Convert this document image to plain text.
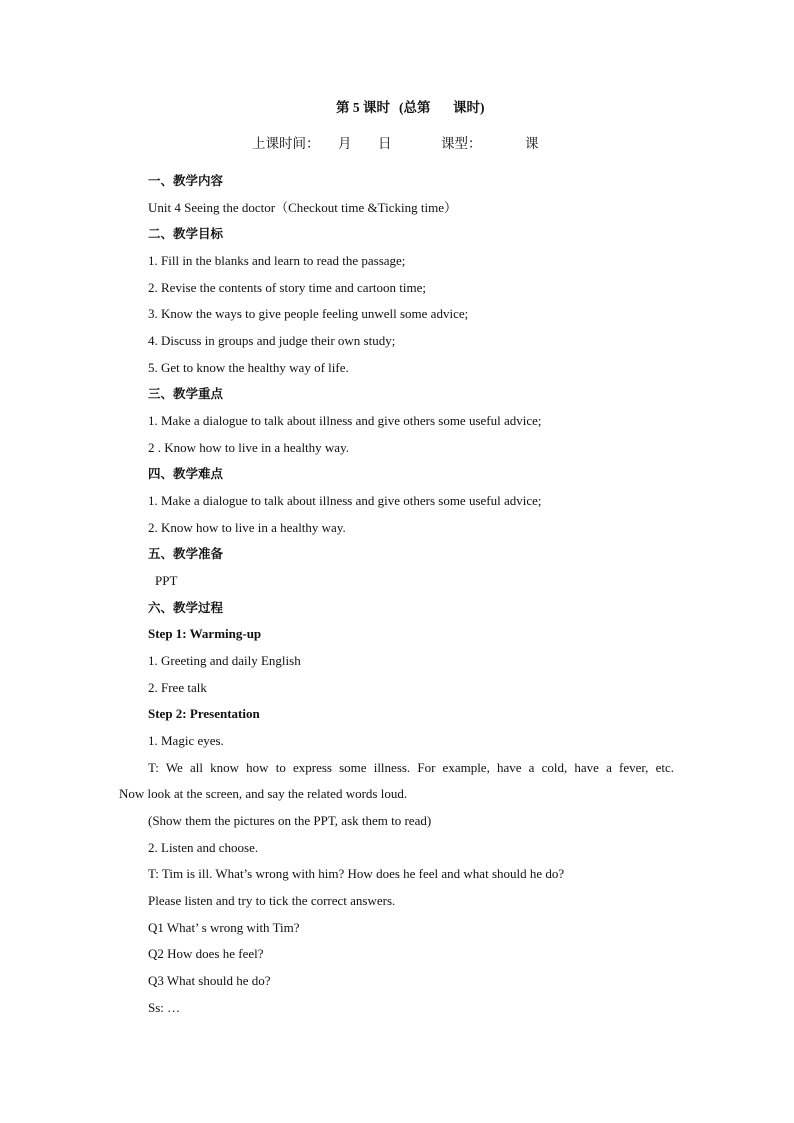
第 5 课时 (总第 课时)
上课时间： 月 日	课型：	课
一、教学内容
Unit 4 Seeing the doctor（Checkout time &Ticking time）
二、教学目标
1. Fill in the blanks and learn to read the passage;
2. Revise the contents of story time and cartoon time;
3. Know the ways to give people feeling unwell some advice;
4. Discuss in groups and judge their own study;
5. Get to know the healthy way of life.
三、教学重点
1. Make a dialogue to talk about illness and give others some useful advice;
2 . Know how to live in a healthy way.
四、教学难点
1. Make a dialogue to talk about illness and give others some useful advice;
2. Know how to live in a healthy way.
五、教学准备
PPT
六、教学过程
Step 1: Warming-up
1. Greeting and daily English
2. Free talk
Step 2: Presentation
1. Magic eyes.
T: We all know how to express some illness. For example, have a cold, have a fever, etc.
Now look at the screen, and say the related words loud.
(Show them the pictures on the PPT, ask them to read)
2. Listen and choose.
T: Tim is ill. What’s wrong with him? How does he feel and what should he do?
Please listen and try to tick the correct answers.
Q1 What’ s wrong with Tim?
Q2 How does he feel?
Q3 What should he do?
Ss: …
